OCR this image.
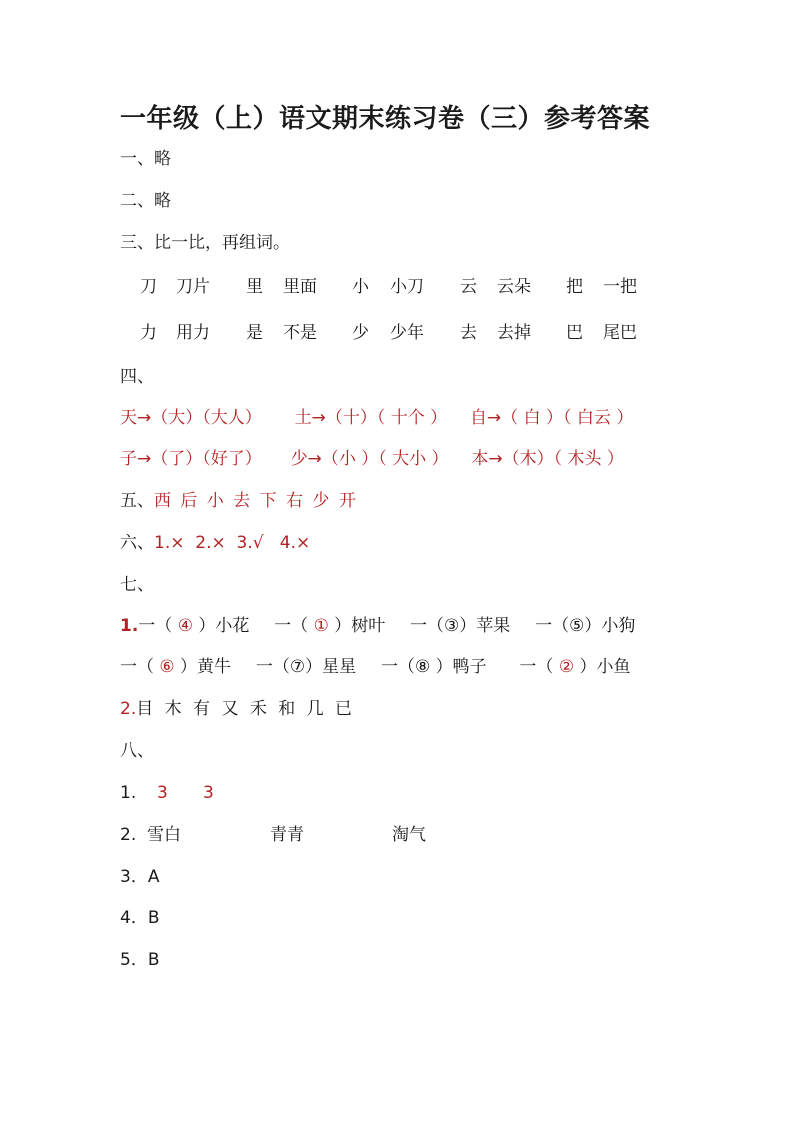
一年级（上）语文期末练习卷（三）参考答案
一、略
二、略
三、比一比，再组词。
刀 刀片 里 里面 小 小刀 云 云朵 把 一把
力 用力 是 不是 少 少年 去 去掉 巴 尾巴
四、
天→（大）（大人） 土→（十）（ 十个 ） 自→（ 白 ）（ 白云 ）
子→（了）（好了） 少→（小 ）（ 大小 ） 本→（木）（ 木头 ）
五、西 后 小 去 下 右 少 开
六、1.×  2.×  3.√   4.×
七、
1.一（ ④ ）小花 一（ ① ）树叶 一（③）苹果 一（⑤）小狗
一（ ⑥ ）黄牛 一（⑦）星星 一（⑧ ）鸭子 一（ ② ）小鱼
2.目 木 有 又 禾 和 几 已
八、
1. 3 3
2. 雪白	青青	淘气
3．A
4．B
5．B
